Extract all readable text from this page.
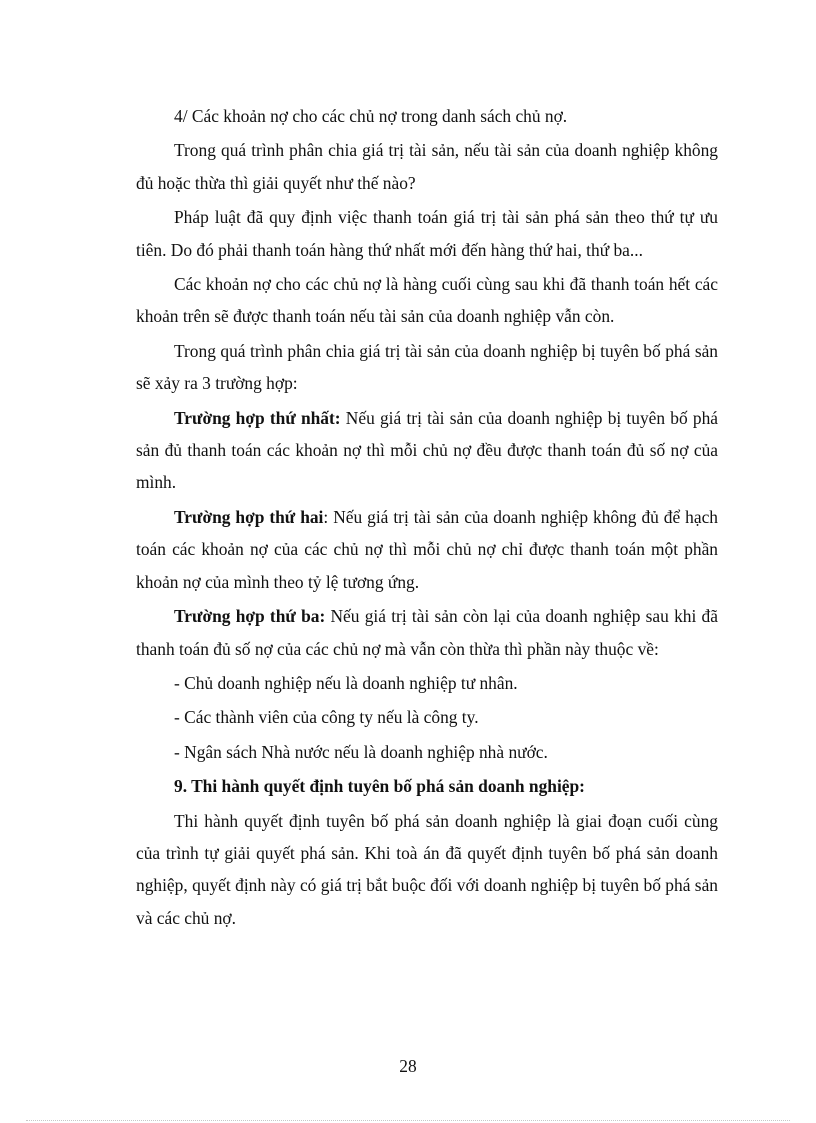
4/ Các khoản nợ cho các chủ nợ trong danh sách chủ nợ.

Trong quá trình phân chia giá trị tài sản, nếu tài sản của doanh nghiệp không đủ hoặc thừa thì giải quyết như thế nào?

Pháp luật đã quy định việc thanh toán giá trị tài sản phá sản theo thứ tự ưu tiên. Do đó phải thanh toán hàng thứ nhất mới đến hàng thứ hai, thứ ba...

Các khoản nợ cho các chủ nợ là hàng cuối cùng sau khi đã thanh toán hết các khoản trên sẽ được thanh toán nếu tài sản của doanh nghiệp vẫn còn.

Trong quá trình phân chia giá trị tài sản của doanh nghiệp bị tuyên bố phá sản sẽ xảy ra 3 trường hợp:

Trường hợp thứ nhất: Nếu giá trị tài sản của doanh nghiệp bị tuyên bố phá sản đủ thanh toán các khoản nợ thì mỗi chủ nợ đều được thanh toán đủ số nợ của mình.

Trường hợp thứ hai: Nếu giá trị tài sản của doanh nghiệp không đủ để hạch toán các khoản nợ của các chủ nợ thì mỗi chủ nợ chỉ được thanh toán một phần khoản nợ của mình theo tỷ lệ tương ứng.

Trường hợp thứ ba: Nếu giá trị tài sản còn lại của doanh nghiệp sau khi đã thanh toán đủ số nợ của các chủ nợ mà vẫn còn thừa thì phần này thuộc về:

- Chủ doanh nghiệp nếu là doanh nghiệp tư nhân.

- Các thành viên của công ty nếu là công ty.

- Ngân sách Nhà nước nếu là doanh nghiệp nhà nước.

9. Thi hành quyết định tuyên bố phá sản doanh nghiệp:

Thi hành quyết định tuyên bố phá sản doanh nghiệp là giai đoạn cuối cùng của trình tự giải quyết phá sản. Khi toà án đã quyết định tuyên bố phá sản doanh nghiệp, quyết định này có giá trị bắt buộc đối với doanh nghiệp bị tuyên bố phá sản và các chủ nợ.

28
